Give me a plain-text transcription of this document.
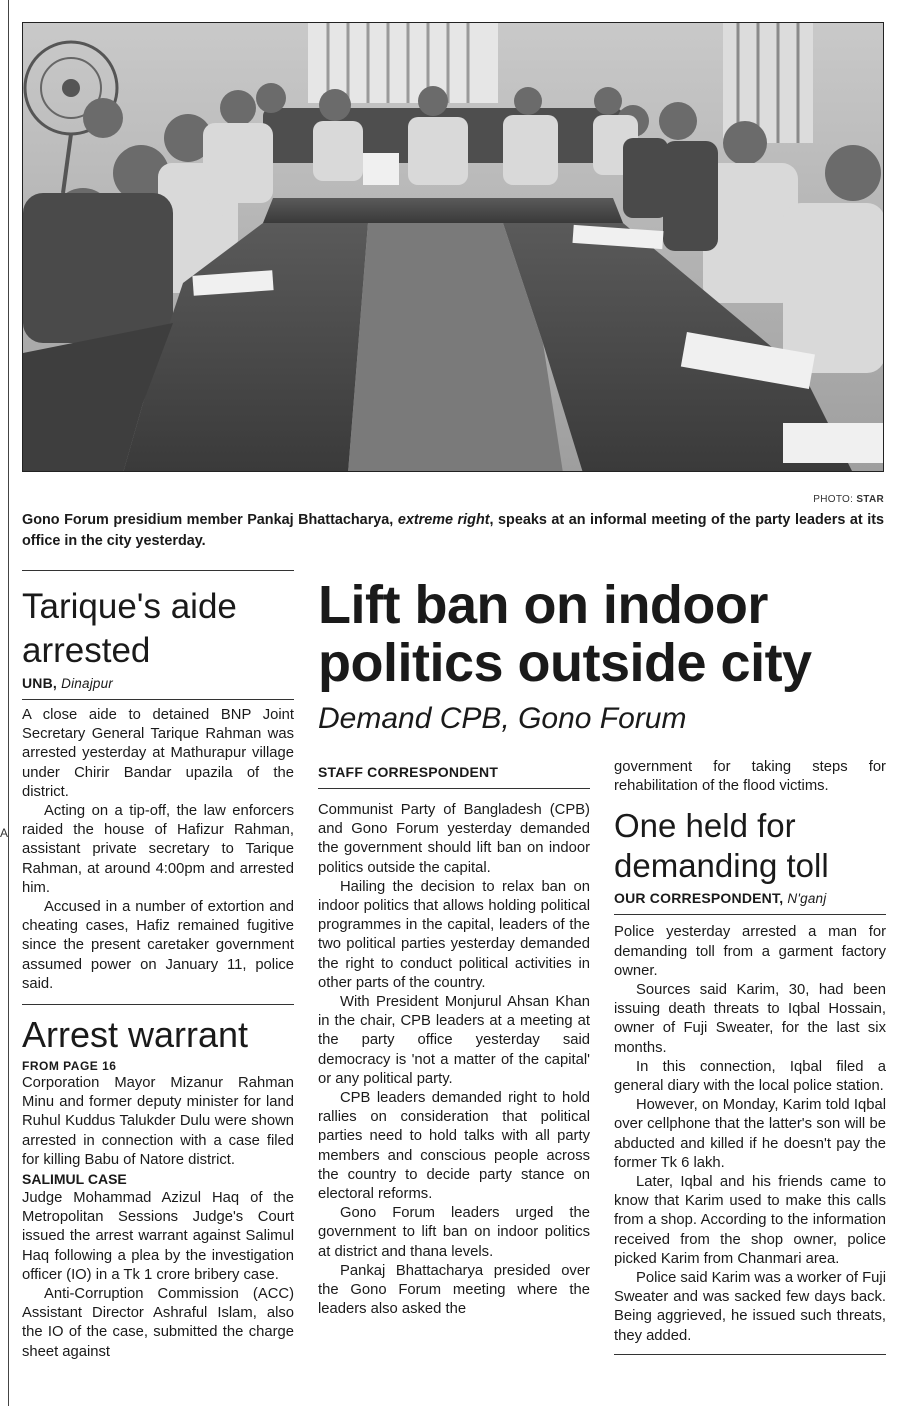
A
PHOTO: STAR
Gono Forum presidium member Pankaj Bhattacharya, extreme right, speaks at an informal meeting of the party leaders at its office in the city yesterday.
Tarique's aide arrested
UNB, Dinajpur

A close aide to detained BNP Joint Secretary General Tarique Rahman was arrested yesterday at Mathurapur village under Chirir Bandar upazila of the district.

Acting on a tip-off, the law enforcers raided the house of Hafizur Rahman, assistant private secretary to Tarique Rahman, at around 4:00pm and arrested him.

Accused in a number of extortion and cheating cases, Hafiz remained fugitive since the present caretaker government assumed power on January 11, police said.

Arrest warrant
FROM PAGE 16

Corporation Mayor Mizanur Rahman Minu and former deputy minister for land Ruhul Kuddus Talukder Dulu were shown arrested in connection with a case filed for killing Babu of Natore district.

SALIMUL CASE

Judge Mohammad Azizul Haq of the Metropolitan Sessions Judge's Court issued the arrest warrant against Salimul Haq following a plea by the investigation officer (IO) in a Tk 1 crore bribery case.

Anti-Corruption Commission (ACC) Assistant Director Ashraful Islam, also the IO of the case, submitted the charge sheet against

Lift ban on indoor politics outside city
Demand CPB, Gono Forum
STAFF CORRESPONDENT

Communist Party of Bangladesh (CPB) and Gono Forum yesterday demanded the government should lift ban on indoor politics outside the capital.

Hailing the decision to relax ban on indoor politics that allows holding political programmes in the capital, leaders of the two political parties yesterday demanded the right to conduct political activities in other parts of the country.

With President Monjurul Ahsan Khan in the chair, CPB leaders at a meeting at the party office yesterday said democracy is 'not a matter of the capital' or any political party.

CPB leaders demanded right to hold rallies on consideration that political parties need to hold talks with all party members and conscious people across the country to decide party stance on electoral reforms.

Gono Forum leaders urged the government to lift ban on indoor politics at district and thana levels.

Pankaj Bhattacharya presided over the Gono Forum meeting where the leaders also asked the

government for taking steps for rehabilitation of the flood victims.

One held for demanding toll
OUR CORRESPONDENT, N'ganj

Police yesterday arrested a man for demanding toll from a garment factory owner.

Sources said Karim, 30, had been issuing death threats to Iqbal Hossain, owner of Fuji Sweater, for the last six months.

In this connection, Iqbal filed a general diary with the local police station.

However, on Monday, Karim told Iqbal over cellphone that the latter's son will be abducted and killed if he doesn't pay the former Tk 6 lakh.

Later, Iqbal and his friends came to know that Karim used to make this calls from a shop. According to the information received from the shop owner, police picked Karim from Chanmari area.

Police said Karim was a worker of Fuji Sweater and was sacked few days back. Being aggrieved, he issued such threats, they added.
